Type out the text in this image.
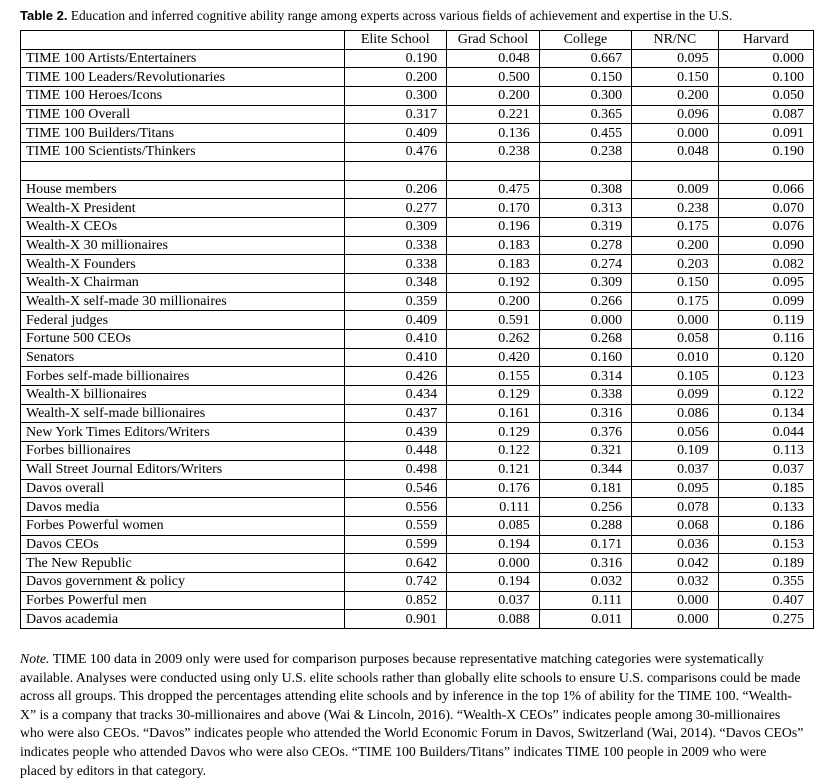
Table 2. Education and inferred cognitive ability range among experts across various fields of achievement and expertise in the U.S.
	Elite School	Grad School	College	NR/NC	Harvard
TIME 100 Artists/Entertainers	0.190	0.048	0.667	0.095	0.000
TIME 100 Leaders/Revolutionaries	0.200	0.500	0.150	0.150	0.100
TIME 100 Heroes/Icons	0.300	0.200	0.300	0.200	0.050
TIME 100 Overall	0.317	0.221	0.365	0.096	0.087
TIME 100 Builders/Titans	0.409	0.136	0.455	0.000	0.091
TIME 100 Scientists/Thinkers	0.476	0.238	0.238	0.048	0.190

House members	0.206	0.475	0.308	0.009	0.066
Wealth-X President	0.277	0.170	0.313	0.238	0.070
Wealth-X CEOs	0.309	0.196	0.319	0.175	0.076
Wealth-X 30 millionaires	0.338	0.183	0.278	0.200	0.090
Wealth-X Founders	0.338	0.183	0.274	0.203	0.082
Wealth-X Chairman	0.348	0.192	0.309	0.150	0.095
Wealth-X self-made 30 millionaires	0.359	0.200	0.266	0.175	0.099
Federal judges	0.409	0.591	0.000	0.000	0.119
Fortune 500 CEOs	0.410	0.262	0.268	0.058	0.116
Senators	0.410	0.420	0.160	0.010	0.120
Forbes self-made billionaires	0.426	0.155	0.314	0.105	0.123
Wealth-X billionaires	0.434	0.129	0.338	0.099	0.122
Wealth-X self-made billionaires	0.437	0.161	0.316	0.086	0.134
New York Times Editors/Writers	0.439	0.129	0.376	0.056	0.044
Forbes billionaires	0.448	0.122	0.321	0.109	0.113
Wall Street Journal Editors/Writers	0.498	0.121	0.344	0.037	0.037
Davos overall	0.546	0.176	0.181	0.095	0.185
Davos media	0.556	0.111	0.256	0.078	0.133
Forbes Powerful women	0.559	0.085	0.288	0.068	0.186
Davos CEOs	0.599	0.194	0.171	0.036	0.153
The New Republic	0.642	0.000	0.316	0.042	0.189
Davos government & policy	0.742	0.194	0.032	0.032	0.355
Forbes Powerful men	0.852	0.037	0.111	0.000	0.407
Davos academia	0.901	0.088	0.011	0.000	0.275

Note. TIME 100 data in 2009 only were used for comparison purposes because representative matching categories were systematically available. Analyses were conducted using only U.S. elite schools rather than globally elite schools to ensure U.S. comparisons could be made across all groups. This dropped the percentages attending elite schools and by inference in the top 1% of ability for the TIME 100. “Wealth-X” is a company that tracks 30-millionaires and above (Wai & Lincoln, 2016). “Wealth-X CEOs” indicates people among 30-millionaires who were also CEOs. “Davos” indicates people who attended the World Economic Forum in Davos, Switzerland (Wai, 2014). “Davos CEOs” indicates people who attended Davos who were also CEOs. “TIME 100 Builders/Titans” indicates TIME 100 people in 2009 who were placed by editors in that category.
